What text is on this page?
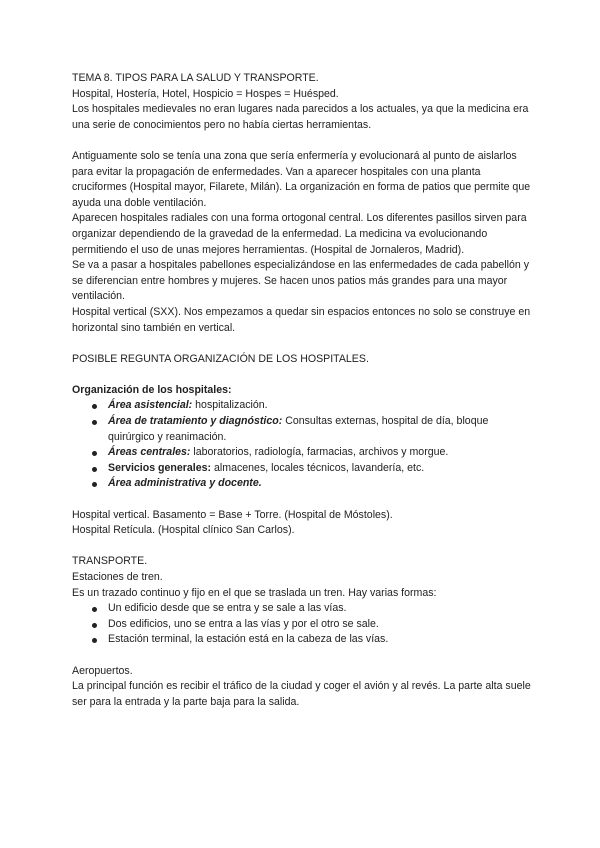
TEMA 8. TIPOS PARA LA SALUD Y TRANSPORTE.

Hospital, Hostería, Hotel, Hospicio = Hospes = Huésped.

Los hospitales medievales no eran lugares nada parecidos a los actuales, ya que la medicina era una serie de conocimientos pero no había ciertas herramientas.

Antiguamente solo se tenía una zona que sería enfermería y evolucionará al punto de aislarlos para evitar la propagación de enfermedades. Van a aparecer hospitales con una planta cruciformes (Hospital mayor, Filarete, Milán). La organización en forma de patios que permite que ayuda una doble ventilación.

Aparecen hospitales radiales con una forma ortogonal central. Los diferentes pasillos sirven para organizar dependiendo de la gravedad de la enfermedad. La medicina va evolucionando permitiendo el uso de unas mejores herramientas. (Hospital de Jornaleros, Madrid).

Se va a pasar a hospitales pabellones especializándose en las enfermedades de cada pabellón y se diferencian entre hombres y mujeres. Se hacen unos patios más grandes para una mayor ventilación.

Hospital vertical (SXX). Nos empezamos a quedar sin espacios entonces no solo se construye en horizontal sino también en vertical.

POSIBLE REGUNTA ORGANIZACIÓN DE LOS HOSPITALES.

Organización de los hospitales:

Área asistencial: hospitalización.
Área de tratamiento y diagnóstico: Consultas externas, hospital de día, bloque quirúrgico y reanimación.
Áreas centrales: laboratorios, radiología, farmacias, archivos y morgue.
Servicios generales: almacenes, locales técnicos, lavandería, etc.
Área administrativa y docente.

Hospital vertical. Basamento = Base + Torre. (Hospital de Móstoles).

Hospital Retícula. (Hospital clínico San Carlos).

TRANSPORTE.

Estaciones de tren.

Es un trazado continuo y fijo en el que se traslada un tren. Hay varias formas:

Un edificio desde que se entra y se sale a las vías.
Dos edificios, uno se entra a las vías y por el otro se sale.
Estación terminal, la estación está en la cabeza de las vías.

Aeropuertos.

La principal función es recibir el tráfico de la ciudad y coger el avión y al revés. La parte alta suele ser para la entrada y la parte baja para la salida.
